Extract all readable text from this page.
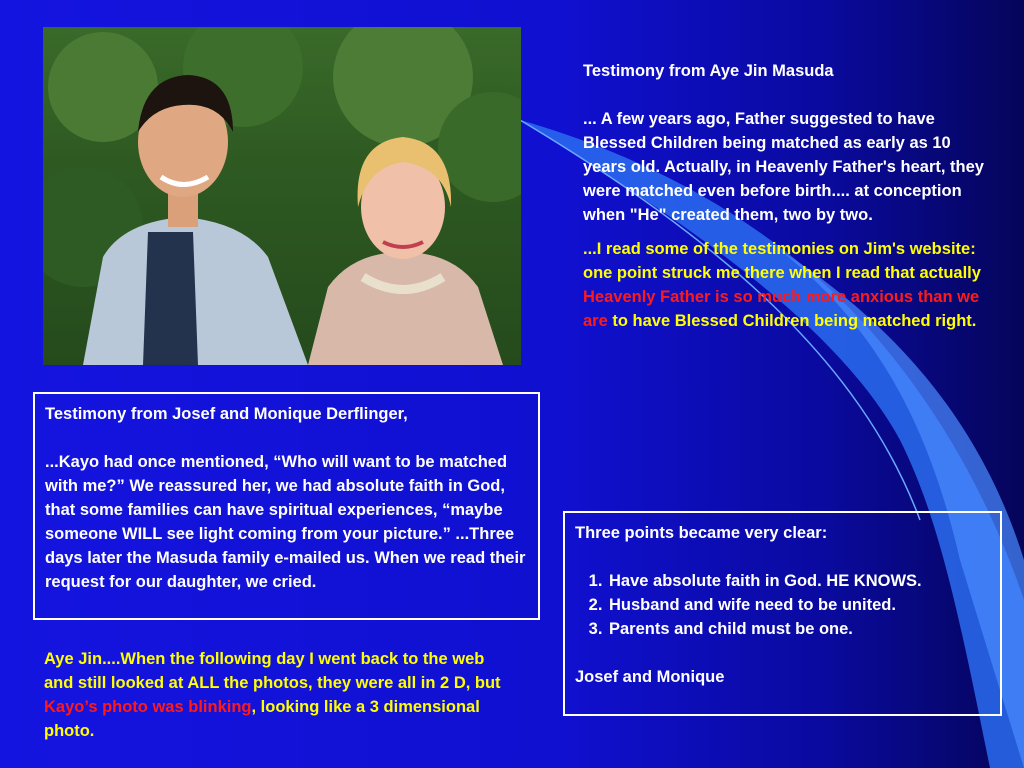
Testimony from Aye Jin Masuda

... A few years ago, Father suggested to have Blessed Children being matched as early as 10 years old. Actually, in Heavenly Father's heart, they were matched even before birth.... at conception when "He" created them, two by two.

...I read some of the testimonies on Jim's website: one point struck me there when I read that actually Heavenly Father is so much more anxious than we are to have Blessed Children being matched right.

Testimony from Josef and Monique Derflinger,

...Kayo had once mentioned, “Who will want to be matched with me?” We reassured her, we had absolute faith in God, that some families can have spiritual experiences, “maybe someone WILL see light coming from your picture.” ...Three days later the Masuda family e-mailed us. When we read their request for our daughter, we cried.

Aye Jin....When the following day I went back to the web and still looked at ALL the photos, they were all in 2 D, but Kayo’s photo was blinking, looking like a 3 dimensional photo.

Three points became very clear:

1. Have absolute faith in God. HE KNOWS.
2. Husband and wife need to be united.
3. Parents and child must be one.

Josef and Monique
